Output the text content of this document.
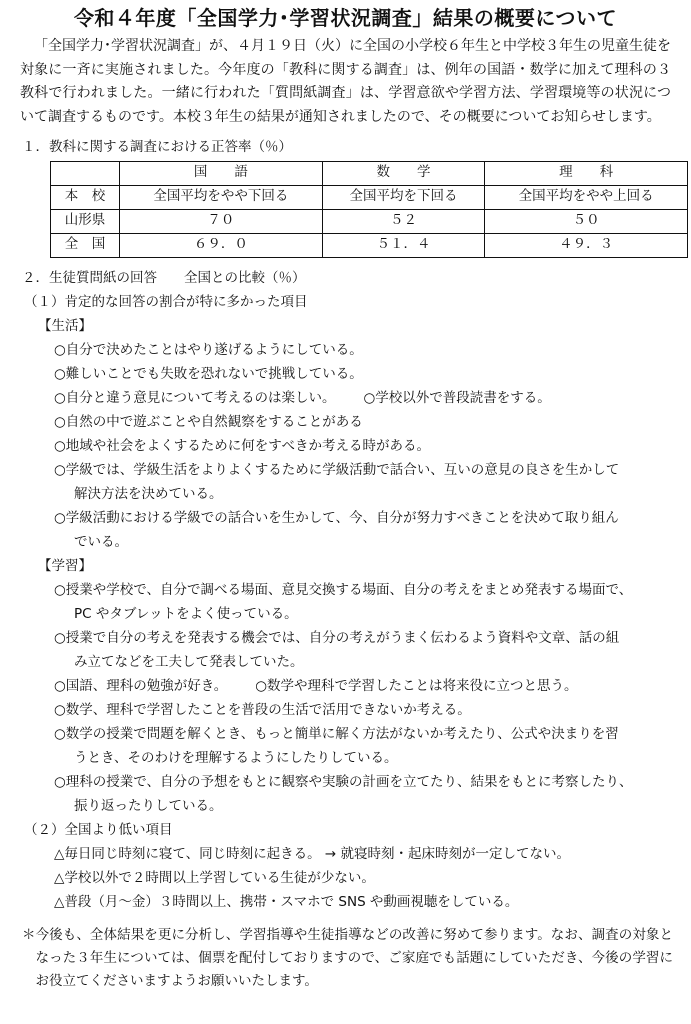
令和４年度「全国学力･学習状況調査」結果の概要について
「全国学力･学習状況調査」が、４月１９日（火）に全国の小学校６年生と中学校３年生の児童生徒を対象に一斉に実施されました。今年度の「教科に関する調査」は、例年の国語・数学に加えて理科の３教科で行われました。一緒に行われた「質問紙調査」は、学習意欲や学習方法、学習環境等の状況について調査するものです。本校３年生の結果が通知されましたので、その概要についてお知らせします。
１．教科に関する調査における正答率（％）
	国　　語	数　　学	理　　科
本　校	全国平均をやや下回る	全国平均を下回る	全国平均をやや上回る
山形県	７０	５２	５０
全　国	６９．０	５１．４	４９．３
２．生徒質問紙の回答　　全国との比較（％）
（１）肯定的な回答の割合が特に多かった項目
【生活】
○自分で決めたことはやり遂げるようにしている。
○難しいことでも失敗を恐れないで挑戦している。
○自分と違う意見について考えるのは楽しい。 ○学校以外で普段読書をする。
○自然の中で遊ぶことや自然観察をすることがある
○地域や社会をよくするために何をすべきか考える時がある。
○学級では、学級生活をよりよくするために学級活動で話合い、互いの意見の良さを生かして
解決方法を決めている。
○学級活動における学級での話合いを生かして、今、自分が努力すべきことを決めて取り組ん
でいる。
【学習】
○授業や学校で、自分で調べる場面、意見交換する場面、自分の考えをまとめ発表する場面で、
PC やタブレットをよく使っている。
○授業で自分の考えを発表する機会では、自分の考えがうまく伝わるよう資料や文章、話の組
み立てなどを工夫して発表していた。
○国語、理科の勉強が好き。 ○数学や理科で学習したことは将来役に立つと思う。
○数学、理科で学習したことを普段の生活で活用できないか考える。
○数学の授業で問題を解くとき、もっと簡単に解く方法がないか考えたり、公式や決まりを習
うとき、そのわけを理解するようにしたりしている。
○理科の授業で、自分の予想をもとに観察や実験の計画を立てたり、結果をもとに考察したり、
振り返ったりしている。
（２）全国より低い項目
△毎日同じ時刻に寝て、同じ時刻に起きる。 → 就寝時刻・起床時刻が一定してない。
△学校以外で２時間以上学習している生徒が少ない。
△普段（月～金）３時間以上、携帯・スマホで SNS や動画視聴をしている。
＊今後も、全体結果を更に分析し、学習指導や生徒指導などの改善に努めて参ります。なお、調査の対象となった３年生については、個票を配付しておりますので、ご家庭でも話題にしていただき、今後の学習にお役立てくださいますようお願いいたします。
